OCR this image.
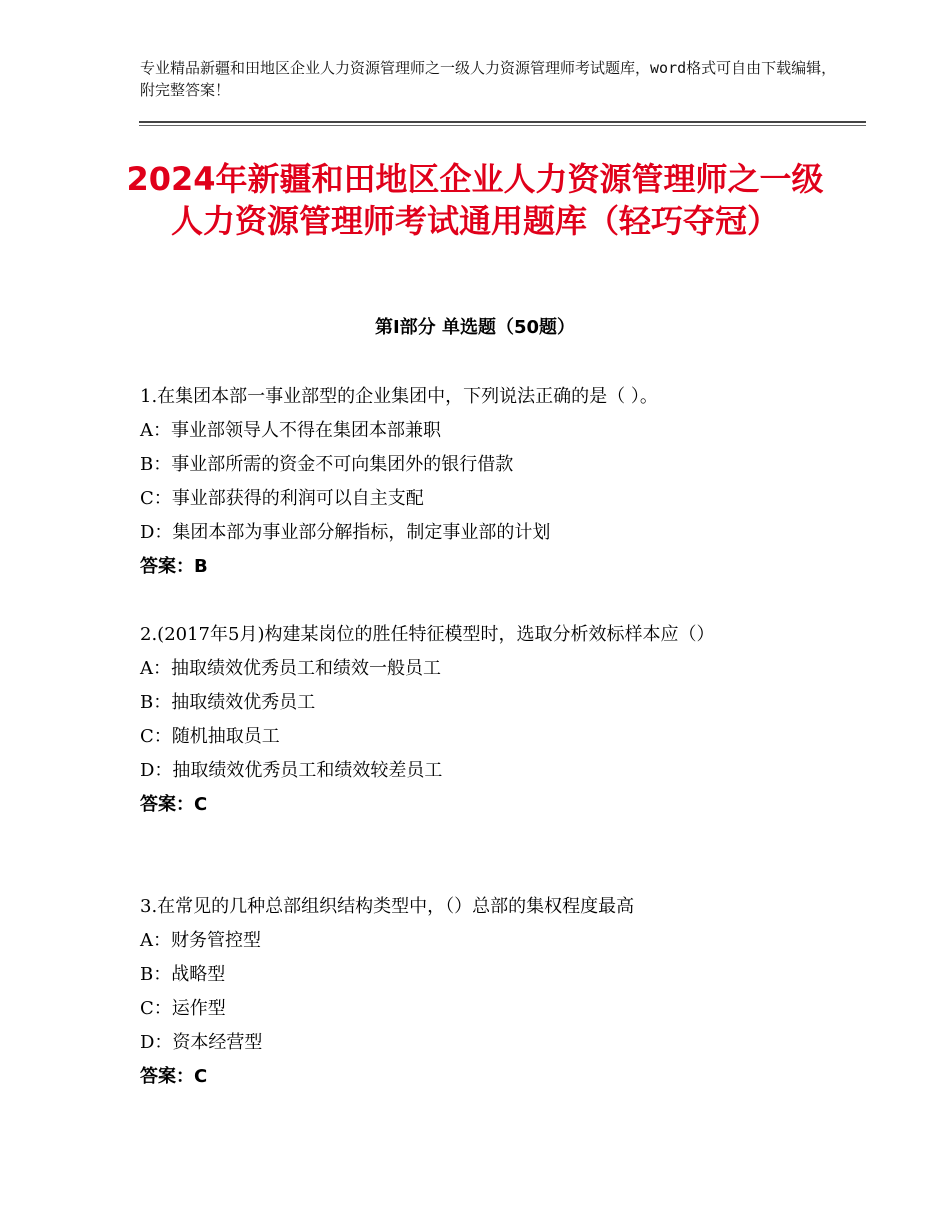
专业精品新疆和田地区企业人力资源管理师之一级人力资源管理师考试题库，word格式可自由下载编辑，附完整答案！
2024年新疆和田地区企业人力资源管理师之一级人力资源管理师考试通用题库（轻巧夺冠）
第Ⅰ部分 单选题（50题）
1.在集团本部一事业部型的企业集团中，下列说法正确的是（ ）。
A：事业部领导人不得在集团本部兼职
B：事业部所需的资金不可向集团外的银行借款
C：事业部获得的利润可以自主支配
D：集团本部为事业部分解指标，制定事业部的计划
答案：B
2.(2017年5月)构建某岗位的胜任特征模型时，选取分析效标样本应（）
A：抽取绩效优秀员工和绩效一般员工
B：抽取绩效优秀员工
C：随机抽取员工
D：抽取绩效优秀员工和绩效较差员工
答案：C
3.在常见的几种总部组织结构类型中，（）总部的集权程度最高
A：财务管控型
B：战略型
C：运作型
D：资本经营型
答案：C
